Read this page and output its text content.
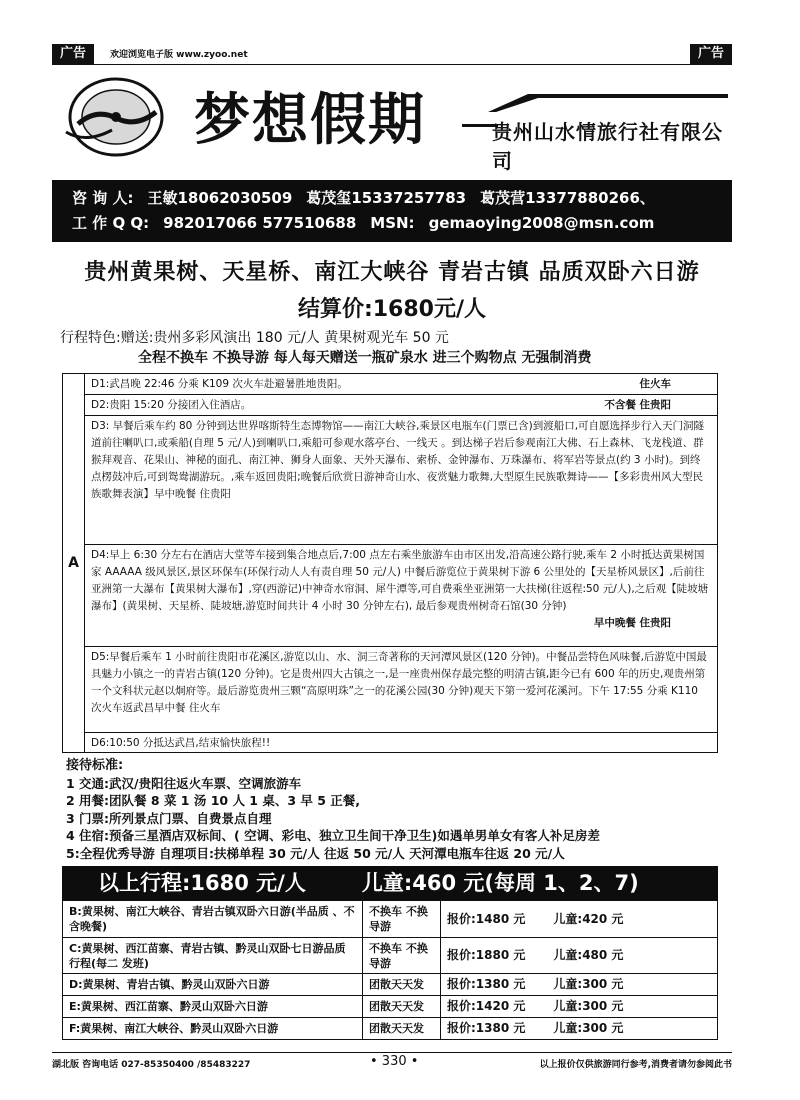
广告	欢迎浏览电子版 www.zyoo.net	广告
梦想假期	贵州山水情旅行社有限公司
咨 询 人: 王敏18062030509 葛茂玺15337257783 葛茂营13377880266、
工 作 Q Q: 982017066 577510688 MSN: gemaoying2008@msn.com
贵州黄果树、天星桥、南江大峡谷 青岩古镇 品质双卧六日游
结算价:1680元/人
行程特色:赠送:贵州多彩风演出 180 元/人 黄果树观光车 50 元
全程不换车 不换导游 每人每天赠送一瓶矿泉水 进三个购物点 无强制消费
A
D1:武昌晚 22:46 分乘 K109 次火车赴避暑胜地贵阳。	住火车
D2:贵阳 15:20 分接团入住酒店。	不含餐 住贵阳
D3: 早餐后乘车约 80 分钟到达世界喀斯特生态博物馆——南江大峡谷,乘景区电瓶车(门票已含)到渡船口,可自愿选择步行入天门洞隧道前往喇叭口,或乘船(自理 5 元/人)到喇叭口,乘船可参观水落亭台、一线天 。到达梯子岩后参观南江大佛、石上森林、飞龙栈道、群猴拜观音、花果山、神秘的面孔、南江神、狮身人面象、天外天瀑布、索桥、金钟瀑布、万珠瀑布、将军岩等景点(约 3 小时)。到终点楞鼓冲后,可到鸳鸯湖游玩。,乘车返回贵阳;晚餐后欣赏日游神奇山水、夜赏魅力歌舞,大型原生民族歌舞诗——【多彩贵州风大型民族歌舞表演】早中晚餐 住贵阳
D4:早上 6:30 分左右在酒店大堂等车接到集合地点后,7:00 点左右乘坐旅游车由市区出发,沿高速公路行驶,乘车 2 小时抵达黄果树国家 AAAAA 级风景区,景区环保车(环保行动人人有责自理 50 元/人) 中餐后游览位于黄果树下游 6 公里处的【天星桥风景区】,后前往亚洲第一大瀑布【黄果树大瀑布】,穿(西游记)中神奇水帘洞、犀牛潭等,可自费乘坐亚洲第一大扶梯(往返程:50 元/人),之后观【陡坡塘瀑布】(黄果树、天星桥、陡坡塘,游览时间共计 4 小时 30 分钟左右), 最后参观贵州树奇石馆(30 分钟)
早中晚餐 住贵阳
D5:早餐后乘车 1 小时前往贵阳市花溪区,游览以山、水、洞三奇著称的天河潭风景区(120 分钟)。中餐品尝特色风味餐,后游览中国最具魅力小镇之一的青岩古镇(120 分钟)。它是贵州四大古镇之一,是一座贵州保存最完整的明清古镇,距今已有 600 年的历史,观贵州第一个文科状元赵以炯府等。最后游览贵州三颗“高原明珠”之一的花溪公园(30 分钟)观天下第一爱河花溪河。下午 17:55 分乘 K110 次火车返武昌早中餐 住火车
D6:10:50 分抵达武昌,结束愉快旅程!!
接待标准:
1 交通:武汉/贵阳往返火车票、空调旅游车
2 用餐:团队餐 8 菜 1 汤 10 人 1 桌、3 早 5 正餐,
3 门票:所列景点门票、自费景点自理
4 住宿:预备三星酒店双标间、( 空调、彩电、独立卫生间干净卫生)如遇单男单女有客人补足房差
5:全程优秀导游 自理项目:扶梯单程 30 元/人 往返 50 元/人 天河潭电瓶车往返 20 元/人
以上行程:1680 元/人	儿童:460 元(每周 1、2、7)
B:黄果树、南江大峡谷、青岩古镇双卧六日游(半品质 、不含晚餐)	不换车 不换导游	报价:1480 元 儿童:420 元
C:黄果树、西江苗寨、青岩古镇、黔灵山双卧七日游品质行程(每二 发班)	不换车 不换导游	报价:1880 元 儿童:480 元
D:黄果树、青岩古镇、黔灵山双卧六日游	团散天天发	报价:1380 元 儿童:300 元
E:黄果树、西江苗寨、黔灵山双卧六日游	团散天天发	报价:1420 元 儿童:300 元
F:黄果树、南江大峡谷、黔灵山双卧六日游	团散天天发	报价:1380 元 儿童:300 元
湖北版 咨询电话 027-85350400 /85483227	• 330 •	以上报价仅供旅游同行参考,消费者请勿参阅此书
